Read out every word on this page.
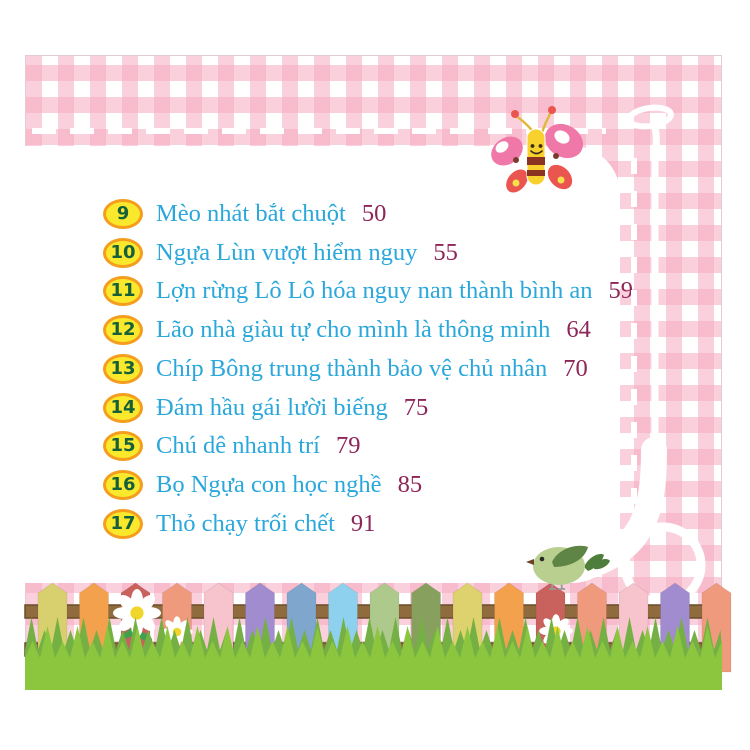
9	Mèo nhát bắt chuột 50
10 Ngựa Lùn vượt hiểm nguy 55
11 Lợn rừng Lô Lô hóa nguy nan thành bình an 59
12 Lão nhà giàu tự cho mình là thông minh 64
13 Chíp Bông trung thành bảo vệ chủ nhân 70
14 Đám hầu gái lười biếng 75
15 Chú dê nhanh trí 79
16 Bọ Ngựa con học nghề 85
17 Thỏ chạy trối chết 91
